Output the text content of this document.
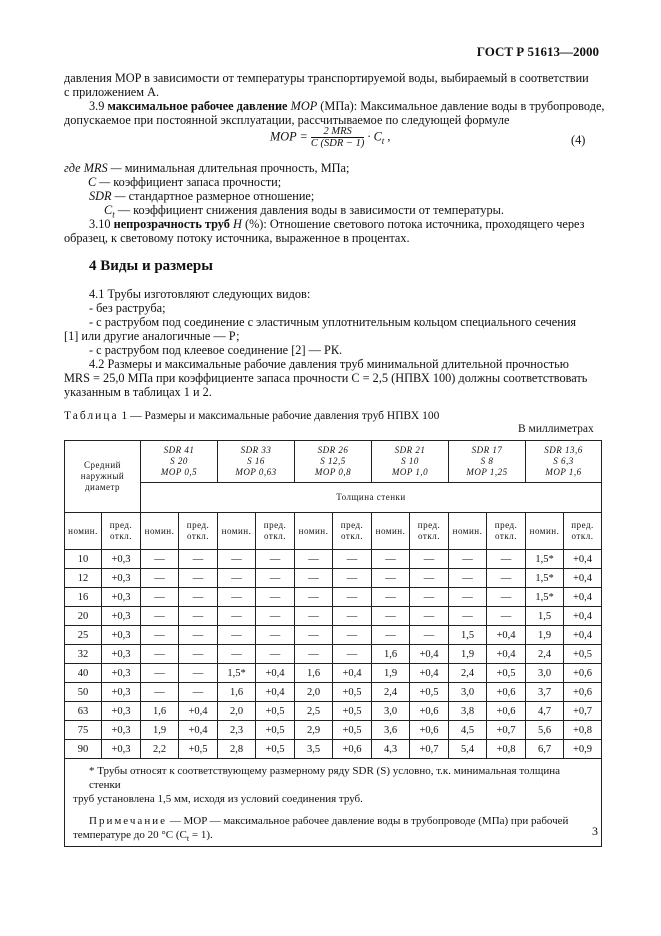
ГОСТ Р 51613—2000
давления MOP в зависимости от температуры транспортируемой воды, выбираемый в соответствии
с приложением А.
3.9 максимальное рабочее давление MOP (МПа): Максимальное давление воды в трубопроводе,
допускаемое при постоянной эксплуатации, рассчитываемое по следующей формуле
MOP = $\frac{\text{2 MRS}}{\text{C (SDR − 1)}} \cdot C_t$ ,	(4)
где MRS — минимальная длительная прочность, МПа;
C — коэффициент запаса прочности;
SDR — стандартное размерное отношение;
$C_t$ — коэффициент снижения давления воды в зависимости от температуры.
3.10 непрозрачность труб H (%): Отношение светового потока источника, проходящего через
образец, к световому потоку источника, выраженное в процентах.
4 Виды и размеры
4.1 Трубы изготовляют следующих видов:
- без раструба;
- с раструбом под соединение с эластичным уплотнительным кольцом специального сечения
[1] или другие аналогичные — Р;
- с раструбом под клеевое соединение [2] — РК.
4.2 Размеры и максимальные рабочие давления труб минимальной длительной прочностью
MRS = 25,0 МПа при коэффициенте запаса прочности C = 2,5 (НПВХ 100) должны соответствовать
указанным в таблицах 1 и 2.
Таблица 1 — Размеры и максимальные рабочие давления труб НПВХ 100
В миллиметрах
Средний наружный диаметр		SDR 41
S 20
MOP 0,5		SDR 33
S 16
MOP 0,63		SDR 26
S 12,5
MOP 0,8		SDR 21
S 10
MOP 1,0		SDR 17
S 8
MOP 1,25		SDR 13,6
S 6,3
MOP 1,6	
		Толщина стенки											
номин.	пред. откл.	номин.	пред. откл.	номин.	пред. откл.	номин.	пред. откл.	номин.	пред. откл.	номин.	пред. откл.	номин.	пред. откл.
10	+0,3	—	—	—	—	—	—	—	—	—	—	1,5*	+0,4
12	+0,3	—	—	—	—	—	—	—	—	—	—	1,5*	+0,4
16	+0,3	—	—	—	—	—	—	—	—	—	—	1,5*	+0,4
20	+0,3	—	—	—	—	—	—	—	—	—	—	1,5	+0,4
25	+0,3	—	—	—	—	—	—	—	—	1,5	+0,4	1,9	+0,4
32	+0,3	—	—	—	—	—	—	1,6	+0,4	1,9	+0,4	2,4	+0,5
40	+0,3	—	—	1,5*	+0,4	1,6	+0,4	1,9	+0,4	2,4	+0,5	3,0	+0,6
50	+0,3	—	—	1,6	+0,4	2,0	+0,5	2,4	+0,5	3,0	+0,6	3,7	+0,6
63	+0,3	1,6	+0,4	2,0	+0,5	2,5	+0,5	3,0	+0,6	3,8	+0,6	4,7	+0,7
75	+0,3	1,9	+0,4	2,3	+0,5	2,9	+0,5	3,6	+0,6	4,5	+0,7	5,6	+0,8
90	+0,3	2,2	+0,5	2,8	+0,5	3,5	+0,6	4,3	+0,7	5,4	+0,8	6,7	+0,9

* Трубы относят к соответствующему размерному ряду SDR (S) условно, т.к. минимальная толщина стенки
труб установлена 1,5 мм, исходя из условий соединения труб.
Примечание — MOP — максимальное рабочее давление воды в трубопроводе (МПа) при рабочей
температуре до 20 °С $(C_t = 1)$.														3
